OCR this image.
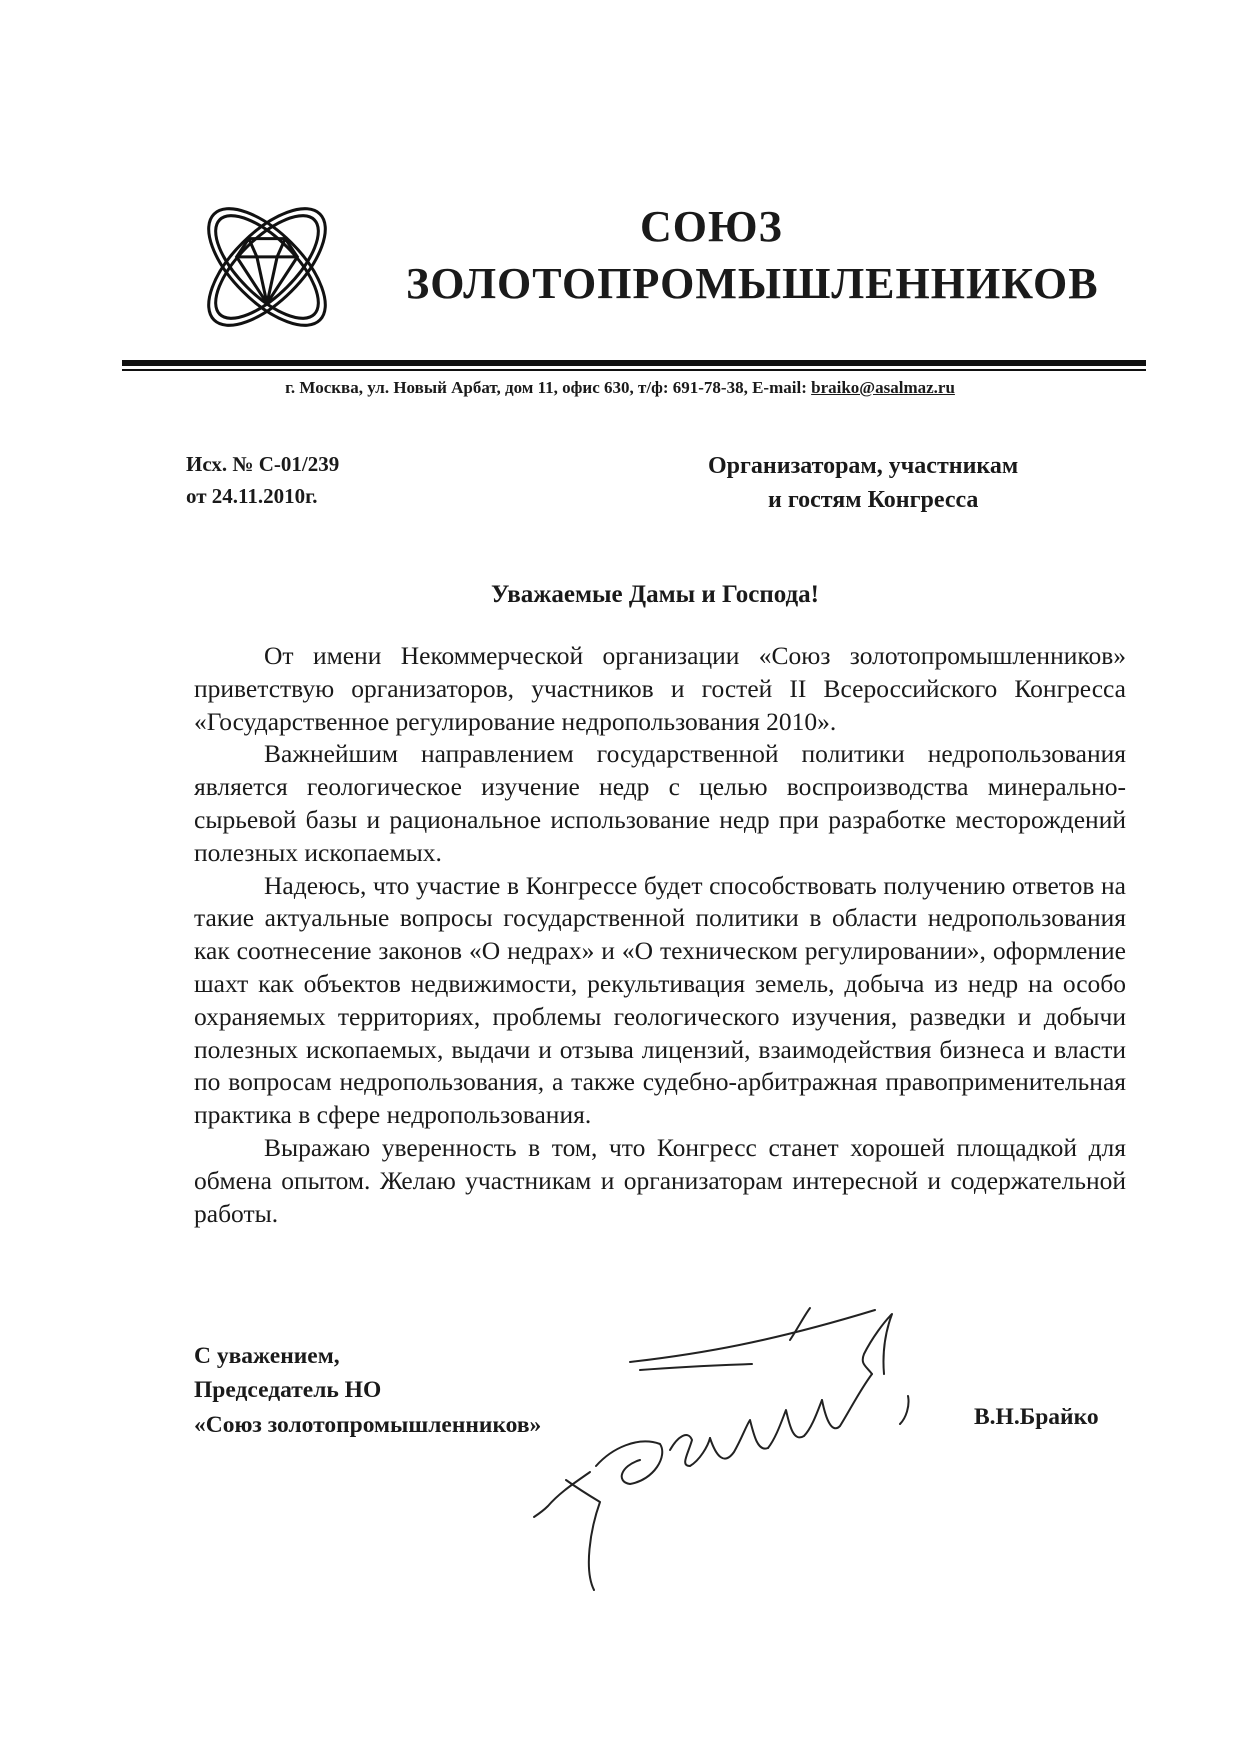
СОЮЗ
ЗОЛОТОПРОМЫШЛЕННИКОВ
г. Москва, ул. Новый Арбат, дом 11, офис 630, т/ф: 691-78-38, E-mail: braiko@asalmaz.ru
Исх. № С-01/239
от 24.11.2010г.
Организаторам, участникам
и гостям Конгресса
Уважаемые Дамы и Господа!

От имени Некоммерческой организации «Союз золотопромышленников» приветствую организаторов, участников и гостей II Всероссийского Конгресса «Государственное регулирование недропользования 2010».

Важнейшим направлением государственной политики недропользования является геологическое изучение недр с целью воспроизводства минерально-сырьевой базы и рациональное использование недр при разработке месторождений полезных ископаемых.

Надеюсь, что участие в Конгрессе будет способствовать получению ответов на такие актуальные вопросы государственной политики в области недропользования как соотнесение законов «О недрах» и «О техническом регулировании», оформление шахт как объектов недвижимости, рекультивация земель, добыча из недр на особо охраняемых территориях, проблемы геологического изучения, разведки и добычи полезных ископаемых, выдачи и отзыва лицензий, взаимодействия бизнеса и власти по вопросам недропользования, а также судебно-арбитражная правоприменительная практика в сфере недропользования.

Выражаю уверенность в том, что Конгресс станет хорошей площадкой для обмена опытом. Желаю участникам и организаторам интересной и содержательной работы.

С уважением,
Председатель НО
«Союз золотопромышленников»	В.Н.Брайко
